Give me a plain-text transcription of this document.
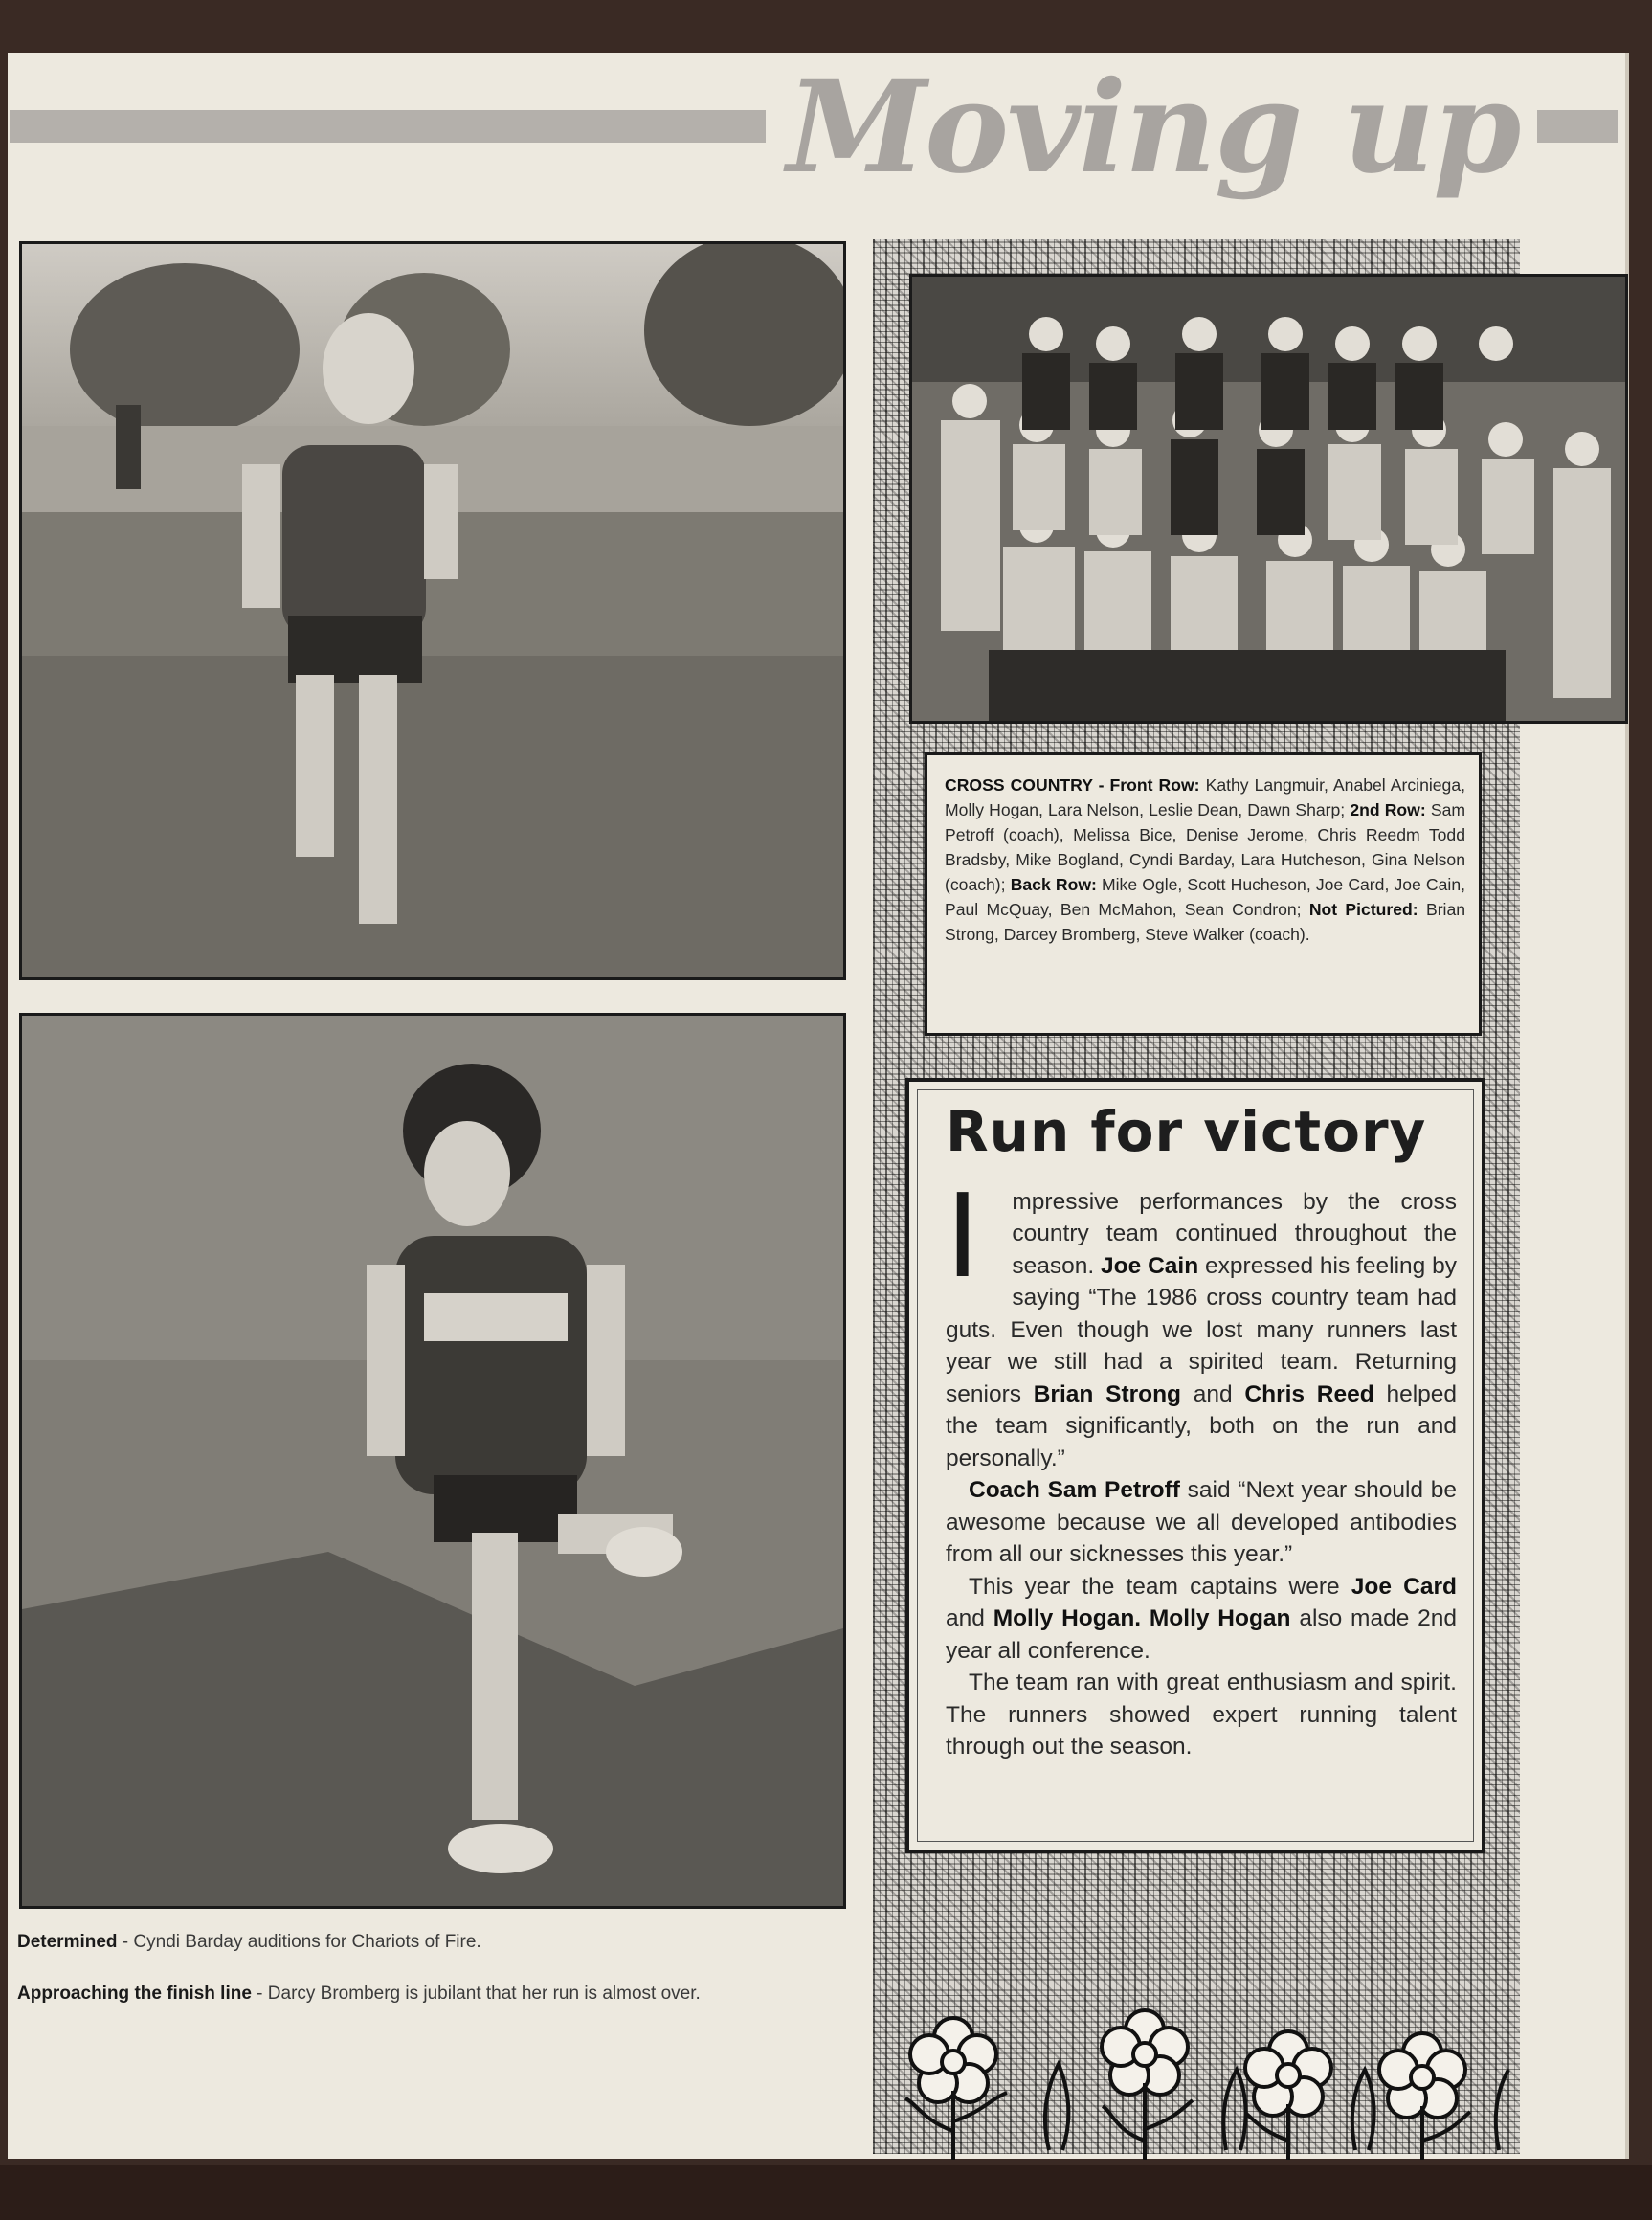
Moving up
CROSS COUNTRY - Front Row: Kathy Langmuir, Anabel Arciniega, Molly Hogan, Lara Nelson, Leslie Dean, Dawn Sharp; 2nd Row: Sam Petroff (coach), Melissa Bice, Denise Jerome, Chris Reedm Todd Bradsby, Mike Bogland, Cyndi Barday, Lara Hutcheson, Gina Nelson (coach); Back Row: Mike Ogle, Scott Hucheson, Joe Card, Joe Cain, Paul McQuay, Ben McMahon, Sean Condron; Not Pictured: Brian Strong, Darcey Bromberg, Steve Walker (coach).
Run for victory

I mpressive performances by the cross country team continued throughout the season. Joe Cain expressed his feeling by saying “The 1986 cross country team had guts. Even though we lost many runners last year we still had a spirited team. Returning seniors Brian Strong and Chris Reed helped the team significantly, both on the run and personally.”

Coach Sam Petroff said “Next year should be awesome because we all developed antibodies from all our sicknesses this year.”

This year the team captains were Joe Card and Molly Hogan. Molly Hogan also made 2nd year all conference.

The team ran with great enthusiasm and spirit. The runners showed expert running talent through out the season.

Determined - Cyndi Barday auditions for Chariots of Fire.

Approaching the finish line - Darcy Bromberg is jubilant that her run is almost over.
